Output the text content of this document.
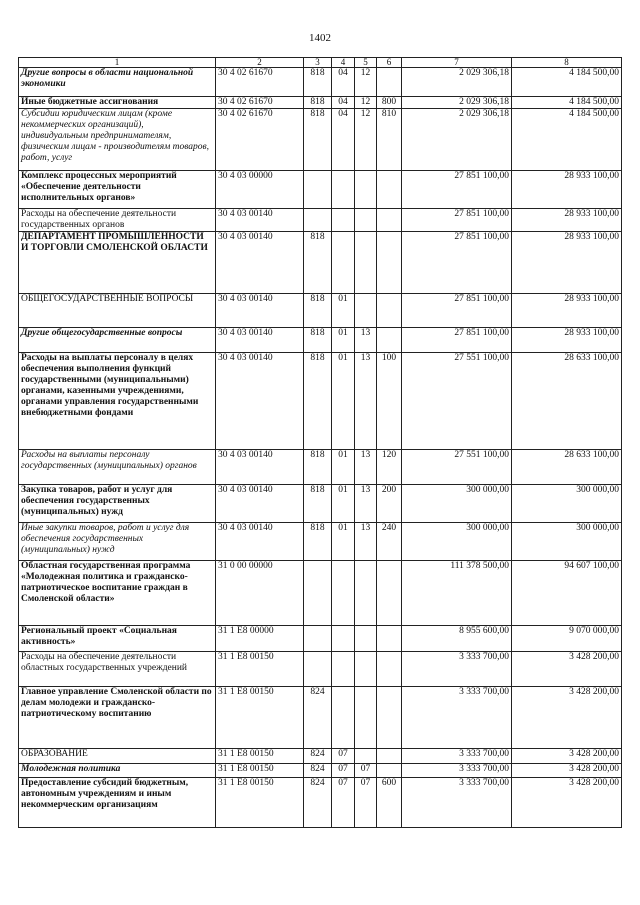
1402
1	2	3	4	5	6	7	8
Другие вопросы в области национальной экономики	30 4 02 61670	818	04	12		2 029 306,18	4 184 500,00
Иные бюджетные ассигнования	30 4 02 61670	818	04	12	800	2 029 306,18	4 184 500,00
Субсидии юридическим лицам (кроме некоммерческих организаций), индивидуальным предпринимателям, физическим лицам - производителям товаров, работ, услуг	30 4 02 61670	818	04	12	810	2 029 306,18	4 184 500,00
Комплекс процессных мероприятий «Обеспечение деятельности исполнительных органов»	30 4 03 00000					27 851 100,00	28 933 100,00
Расходы на обеспечение деятельности государственных органов	30 4 03 00140					27 851 100,00	28 933 100,00
ДЕПАРТАМЕНТ ПРОМЫШЛЕННОСТИ И ТОРГОВЛИ СМОЛЕНСКОЙ ОБЛАСТИ	30 4 03 00140	818				27 851 100,00	28 933 100,00
ОБЩЕГОСУДАРСТВЕННЫЕ ВОПРОСЫ	30 4 03 00140	818	01			27 851 100,00	28 933 100,00
Другие общегосударственные вопросы	30 4 03 00140	818	01	13		27 851 100,00	28 933 100,00
Расходы на выплаты персоналу в целях обеспечения выполнения функций государственными (муниципальными) органами, казенными учреждениями, органами управления государственными внебюджетными фондами	30 4 03 00140	818	01	13	100	27 551 100,00	28 633 100,00
Расходы на выплаты персоналу государственных (муниципальных) органов	30 4 03 00140	818	01	13	120	27 551 100,00	28 633 100,00
Закупка товаров, работ и услуг для обеспечения государственных (муниципальных) нужд	30 4 03 00140	818	01	13	200	300 000,00	300 000,00
Иные закупки товаров, работ и услуг для обеспечения государственных (муниципальных) нужд	30 4 03 00140	818	01	13	240	300 000,00	300 000,00
Областная государственная программа «Молодежная политика и гражданско-патриотическое воспитание граждан в Смоленской области»	31 0 00 00000					111 378 500,00	94 607 100,00
Региональный проект «Социальная активность»	31 1 E8 00000					8 955 600,00	9 070 000,00
Расходы на обеспечение деятельности областных государственных учреждений	31 1 E8 00150					3 333 700,00	3 428 200,00
Главное управление Смоленской области по делам молодежи и гражданско-патриотическому воспитанию	31 1 E8 00150	824				3 333 700,00	3 428 200,00
ОБРАЗОВАНИЕ	31 1 E8 00150	824	07			3 333 700,00	3 428 200,00
Молодежная политика	31 1 E8 00150	824	07	07		3 333 700,00	3 428 200,00
Предоставление субсидий бюджетным, автономным учреждениям и иным некоммерческим организациям	31 1 E8 00150	824	07	07	600	3 333 700,00	3 428 200,00
